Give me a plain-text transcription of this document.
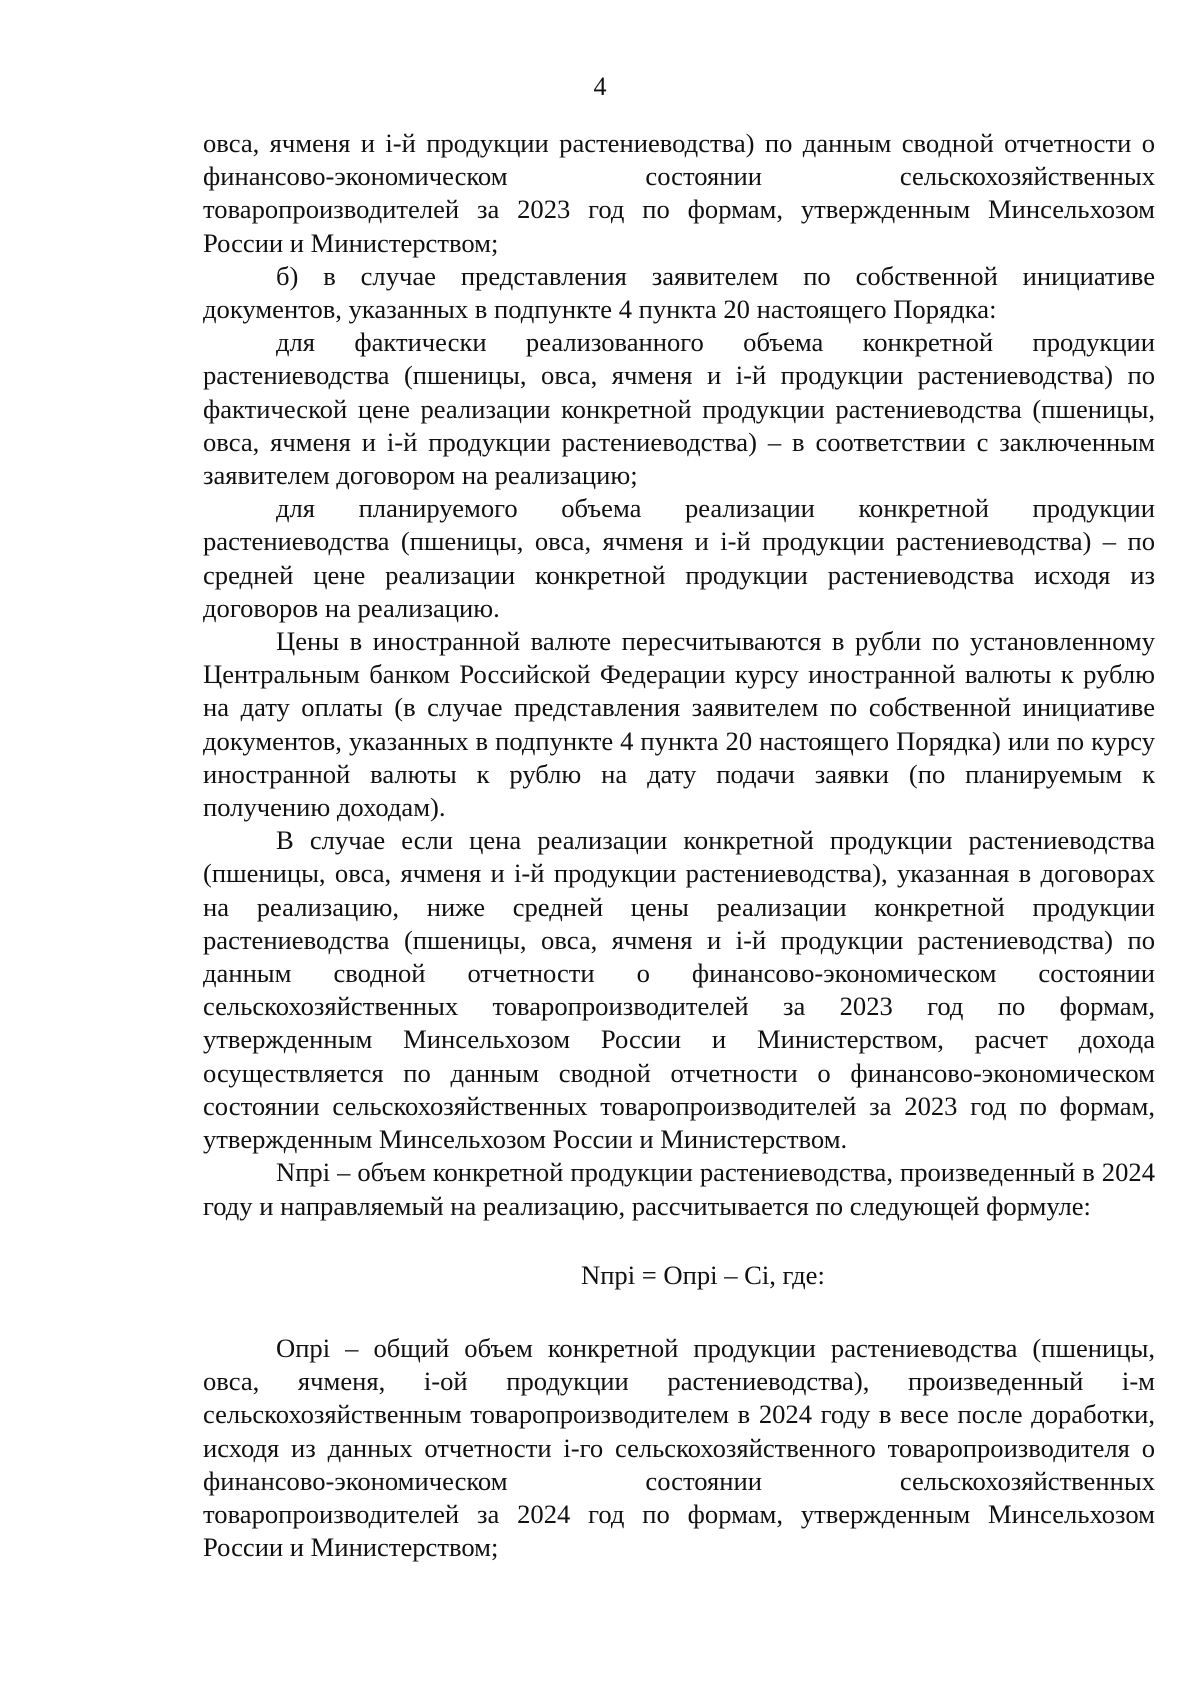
4

овса, ячменя и i-й продукции растениеводства) по данным сводной отчетности о финансово-экономическом состоянии сельскохозяйственных товаропроизводителей за 2023 год по формам, утвержденным Минсельхозом России и Министерством;

б) в случае представления заявителем по собственной инициативе документов, указанных в подпункте 4 пункта 20 настоящего Порядка:

для фактически реализованного объема конкретной продукции растениеводства (пшеницы, овса, ячменя и i-й продукции растениеводства) по фактической цене реализации конкретной продукции растениеводства (пшеницы, овса, ячменя и i-й продукции растениеводства) – в соответствии с заключенным заявителем договором на реализацию;

для планируемого объема реализации конкретной продукции растениеводства (пшеницы, овса, ячменя и i-й продукции растениеводства) – по средней цене реализации конкретной продукции растениеводства исходя из договоров на реализацию.

Цены в иностранной валюте пересчитываются в рубли по установленному Центральным банком Российской Федерации курсу иностранной валюты к рублю на дату оплаты (в случае представления заявителем по собственной инициативе документов, указанных в подпункте 4 пункта 20 настоящего Порядка) или по курсу иностранной валюты к рублю на дату подачи заявки (по планируемым к получению доходам).

В случае если цена реализации конкретной продукции растениеводства (пшеницы, овса, ячменя и i-й продукции растениеводства), указанная в договорах на реализацию, ниже средней цены реализации конкретной продукции растениеводства (пшеницы, овса, ячменя и i-й продукции растениеводства) по данным сводной отчетности о финансово-экономическом состоянии сельскохозяйственных товаропроизводителей за 2023 год по формам, утвержденным Минсельхозом России и Министерством, расчет дохода осуществляется по данным сводной отчетности о финансово-экономическом состоянии сельскохозяйственных товаропроизводителей за 2023 год по формам, утвержденным Минсельхозом России и Министерством.

Nпрi – объем конкретной продукции растениеводства, произведенный в 2024 году и направляемый на реализацию, рассчитывается по следующей формуле:

Nпрi = Oпрi – Ci, где:

Oпрi – общий объем конкретной продукции растениеводства (пшеницы, овса, ячменя, i-ой продукции растениеводства), произведенный i-м сельскохозяйственным товаропроизводителем в 2024 году в весе после доработки, исходя из данных отчетности i-го сельскохозяйственного товаропроизводителя о финансово-экономическом состоянии сельскохозяйственных товаропроизводителей за 2024 год по формам, утвержденным Минсельхозом России и Министерством;
